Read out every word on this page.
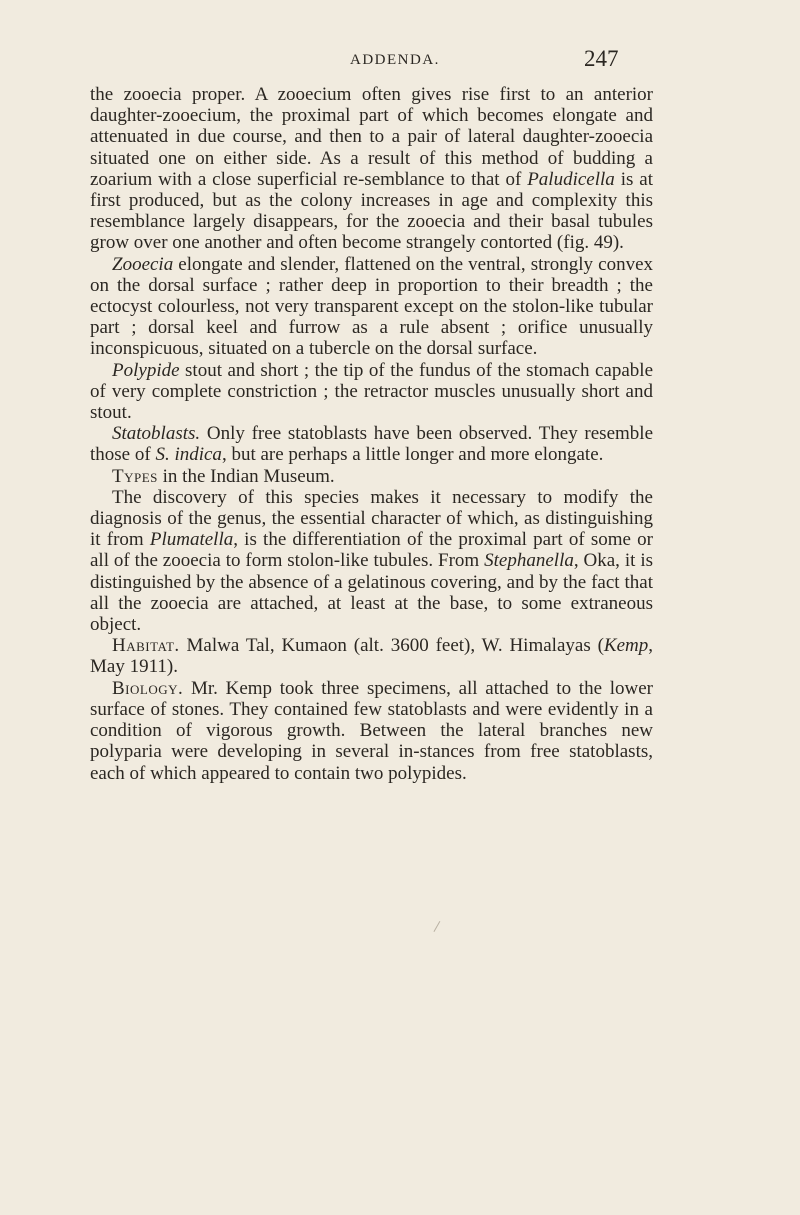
ADDENDA.	247

the zooecia proper. A zooecium often gives rise first to an anterior daughter-zooecium, the proximal part of which becomes elongate and attenuated in due course, and then to a pair of lateral daughter-zooecia situated one on either side. As a result of this method of budding a zoarium with a close superficial re-semblance to that of Paludicella is at first produced, but as the colony increases in age and complexity this resemblance largely disappears, for the zooecia and their basal tubules grow over one another and often become strangely contorted (fig. 49).

Zooecia elongate and slender, flattened on the ventral, strongly convex on the dorsal surface ; rather deep in proportion to their breadth ; the ectocyst colourless, not very transparent except on the stolon-like tubular part ; dorsal keel and furrow as a rule absent ; orifice unusually inconspicuous, situated on a tubercle on the dorsal surface.

Polypide stout and short ; the tip of the fundus of the stomach capable of very complete constriction ; the retractor muscles unusually short and stout.

Statoblasts. Only free statoblasts have been observed. They resemble those of S. indica, but are perhaps a little longer and more elongate.

Types in the Indian Museum.

The discovery of this species makes it necessary to modify the diagnosis of the genus, the essential character of which, as distinguishing it from Plumatella, is the differentiation of the proximal part of some or all of the zooecia to form stolon-like tubules. From Stephanella, Oka, it is distinguished by the absence of a gelatinous covering, and by the fact that all the zooecia are attached, at least at the base, to some extraneous object.

Habitat. Malwa Tal, Kumaon (alt. 3600 feet), W. Himalayas (Kemp, May 1911).

Biology. Mr. Kemp took three specimens, all attached to the lower surface of stones. They contained few statoblasts and were evidently in a condition of vigorous growth. Between the lateral branches new polyparia were developing in several in-stances from free statoblasts, each of which appeared to contain two polypides.
